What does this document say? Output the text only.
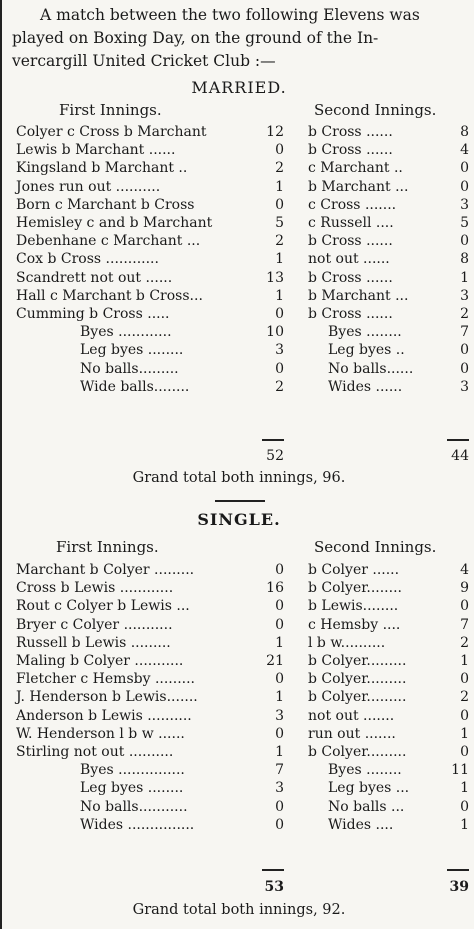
A match between the two following Elevens was
played on Boxing Day, on the ground of the In-
vercargill United Cricket Club :—
MARRIED.
First Innings.	Second Innings.
Colyer c Cross b Marchant	12 b Cross ......	8
Lewis b Marchant ......	0 b Cross ......	4
Kingsland b Marchant ..	2 c Marchant ..	0
Jones run out ..........	1 b Marchant ...	0
Born c Marchant b Cross	0 c Cross .......	3
Hemisley c and b Marchant	5 c Russell ....	5
Debenhane c Marchant ...	2 b Cross ......	0
Cox b Cross ............	1 not out ......	8
Scandrett not out ......	13 b Cross ......	1
Hall c Marchant b Cross...	1 b Marchant ...	3
Cumming b Cross .....	0 b Cross ......	2
Byes ............	10	Byes ........	7
Leg byes ........	3	Leg byes ..	0
No balls.........	0	No balls......	0
Wide balls........	2	Wides ......	3
52	44
Grand total both innings, 96.
SINGLE.
First Innings.	Second Innings.
Marchant b Colyer .........	0 b Colyer ......	4
Cross b Lewis ............	16 b Colyer........	9
Rout c Colyer b Lewis ...	0 b Lewis........	0
Bryer c Colyer ...........	0 c Hemsby ....	7
Russell b Lewis .........	1 l b w..........	2
Maling b Colyer ...........	21 b Colyer.........	1
Fletcher c Hemsby .........	0 b Colyer.........	0
J. Henderson b Lewis.......	1 b Colyer.........	2
Anderson b Lewis ..........	3 not out .......	0
W. Henderson l b w ......	0 run out .......	1
Stirling not out ..........	1 b Colyer.........	0
Byes ...............	7	Byes ........	11
Leg byes ........	3	Leg byes ...	1
No balls...........	0	No balls ...	0
Wides ...............	0	Wides ....	1
53	39
Grand total both innings, 92.
